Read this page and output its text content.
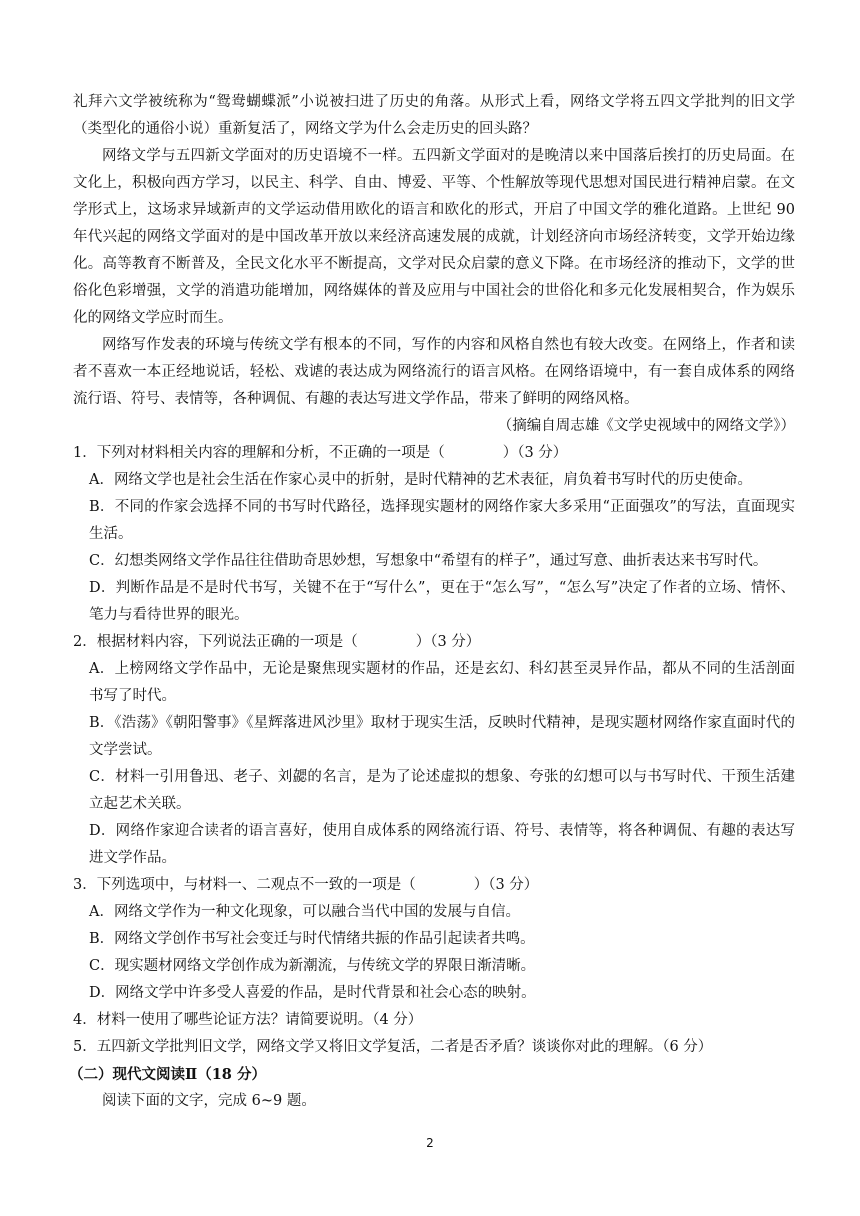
礼拜六文学被统称为“鸳鸯蝴蝶派”小说被扫进了历史的角落。从形式上看，网络文学将五四文学批判的旧文学（类型化的通俗小说）重新复活了，网络文学为什么会走历史的回头路？

网络文学与五四新文学面对的历史语境不一样。五四新文学面对的是晚清以来中国落后挨打的历史局面。在文化上，积极向西方学习，以民主、科学、自由、博爱、平等、个性解放等现代思想对国民进行精神启蒙。在文学形式上，这场求异域新声的文学运动借用欧化的语言和欧化的形式，开启了中国文学的雅化道路。上世纪 90 年代兴起的网络文学面对的是中国改革开放以来经济高速发展的成就，计划经济向市场经济转变，文学开始边缘化。高等教育不断普及，全民文化水平不断提高，文学对民众启蒙的意义下降。在市场经济的推动下，文学的世俗化色彩增强，文学的消遣功能增加，网络媒体的普及应用与中国社会的世俗化和多元化发展相契合，作为娱乐化的网络文学应时而生。

网络写作发表的环境与传统文学有根本的不同，写作的内容和风格自然也有较大改变。在网络上，作者和读者不喜欢一本正经地说话，轻松、戏谑的表达成为网络流行的语言风格。在网络语境中，有一套自成体系的网络流行语、符号、表情等，各种调侃、有趣的表达写进文学作品，带来了鲜明的网络风格。

（摘编自周志雄《文学史视域中的网络文学》）

1．下列对材料相关内容的理解和分析，不正确的一项是（　　　　）（3 分）

A．网络文学也是社会生活在作家心灵中的折射，是时代精神的艺术表征，肩负着书写时代的历史使命。

B．不同的作家会选择不同的书写时代路径，选择现实题材的网络作家大多采用“正面强攻”的写法，直面现实生活。

C．幻想类网络文学作品往往借助奇思妙想，写想象中“希望有的样子”，通过写意、曲折表达来书写时代。

D．判断作品是不是时代书写，关键不在于“写什么”，更在于“怎么写”，“怎么写”决定了作者的立场、情怀、笔力与看待世界的眼光。

2．根据材料内容，下列说法正确的一项是（　　　　）（3 分）

A．上榜网络文学作品中，无论是聚焦现实题材的作品，还是玄幻、科幻甚至灵异作品，都从不同的生活剖面书写了时代。

B．《浩荡》《朝阳警事》《星辉落进风沙里》取材于现实生活，反映时代精神，是现实题材网络作家直面时代的文学尝试。

C．材料一引用鲁迅、老子、刘勰的名言，是为了论述虚拟的想象、夸张的幻想可以与书写时代、干预生活建立起艺术关联。

D．网络作家迎合读者的语言喜好，使用自成体系的网络流行语、符号、表情等，将各种调侃、有趣的表达写进文学作品。

3．下列选项中，与材料一、二观点不一致的一项是（　　　　）（3 分）

A．网络文学作为一种文化现象，可以融合当代中国的发展与自信。

B．网络文学创作书写社会变迁与时代情绪共振的作品引起读者共鸣。

C．现实题材网络文学创作成为新潮流，与传统文学的界限日渐清晰。

D．网络文学中许多受人喜爱的作品，是时代背景和社会心态的映射。

4．材料一使用了哪些论证方法？请简要说明。（4 分）

5．五四新文学批判旧文学，网络文学又将旧文学复活，二者是否矛盾？谈谈你对此的理解。（6 分）

（二）现代文阅读Ⅱ（18 分）

阅读下面的文字，完成 6~9 题。

2
